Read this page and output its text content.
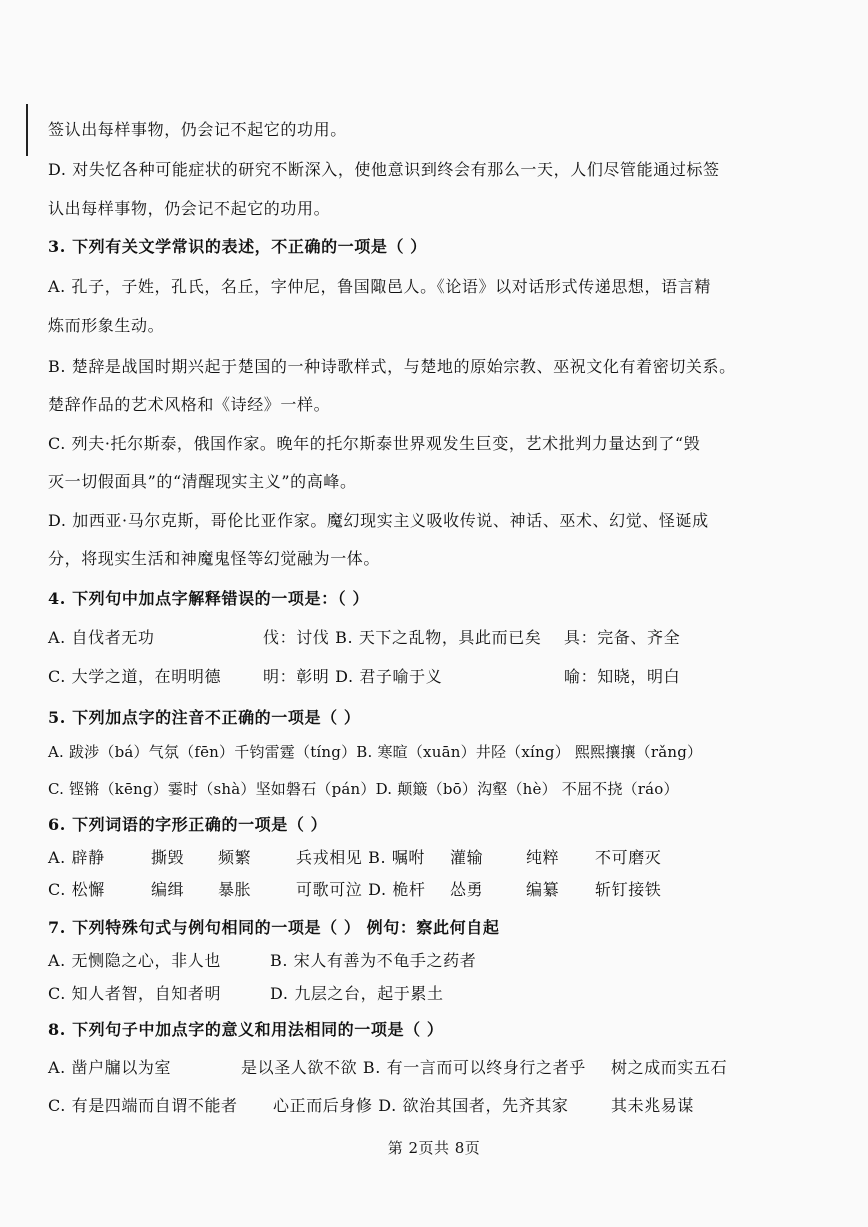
签认出每样事物，仍会记不起它的功用。
D. 对失忆各种可能症状的研究不断深入，使他意识到终会有那么一天，人们尽管能通过标签
认出每样事物，仍会记不起它的功用。
3. 下列有关文学常识的表述，不正确的一项是（ ）
A. 孔子，子姓，孔氏，名丘，字仲尼，鲁国陬邑人。《论语》以对话形式传递思想，语言精
炼而形象生动。
B. 楚辞是战国时期兴起于楚国的一种诗歌样式，与楚地的原始宗教、巫祝文化有着密切关系。
楚辞作品的艺术风格和《诗经》一样。
C. 列夫·托尔斯泰，俄国作家。晚年的托尔斯泰世界观发生巨变，艺术批判力量达到了“毁
灭一切假面具”的“清醒现实主义”的高峰。
D. 加西亚·马尔克斯，哥伦比亚作家。魔幻现实主义吸收传说、神话、巫术、幻觉、怪诞成
分，将现实生活和神魔鬼怪等幻觉融为一体。
4. 下列句中加点字解释错误的一项是：（ ）
A. 自伐者无功	伐：讨伐 B. 天下之乱物，具此而已矣 具：完备、齐全
C. 大学之道，在明明德	明：彰明 D. 君子喻于义	喻：知晓，明白
5. 下列加点字的注音不正确的一项是（ ）
A. 跋涉（bá）气氛（fēn）千钧雷霆（tíng）B. 寒暄（xuān）井陉（xíng） 熙熙攘攘（rǎng）
C. 铿锵（kēng）霎时（shà）坚如磐石（pán）D. 颠簸（bō）沟壑（hè） 不屈不挠（ráo）
6. 下列词语的字形正确的一项是（ ）
A. 辟静	撕毁 频繁	兵戎相见 B. 嘱咐 灌输	纯粹 不可磨灭
C. 松懈	编缉 暴胀	可歌可泣 D. 桅杆 怂勇	编纂 斩钉接铁
7. 下列特殊句式与例句相同的一项是（ ） 例句：察此何自起
A. 无恻隐之心，非人也	B. 宋人有善为不龟手之药者
C. 知人者智，自知者明	D. 九层之台，起于累土
8. 下列句子中加点字的意义和用法相同的一项是（ ）
A. 凿户牖以为室	是以圣人欲不欲 B. 有一言而可以终身行之者乎 树之成而实五石
C. 有是四端而自谓不能者 心正而后身修 D. 欲治其国者，先齐其家	其未兆易谋
第 2页共 8页
